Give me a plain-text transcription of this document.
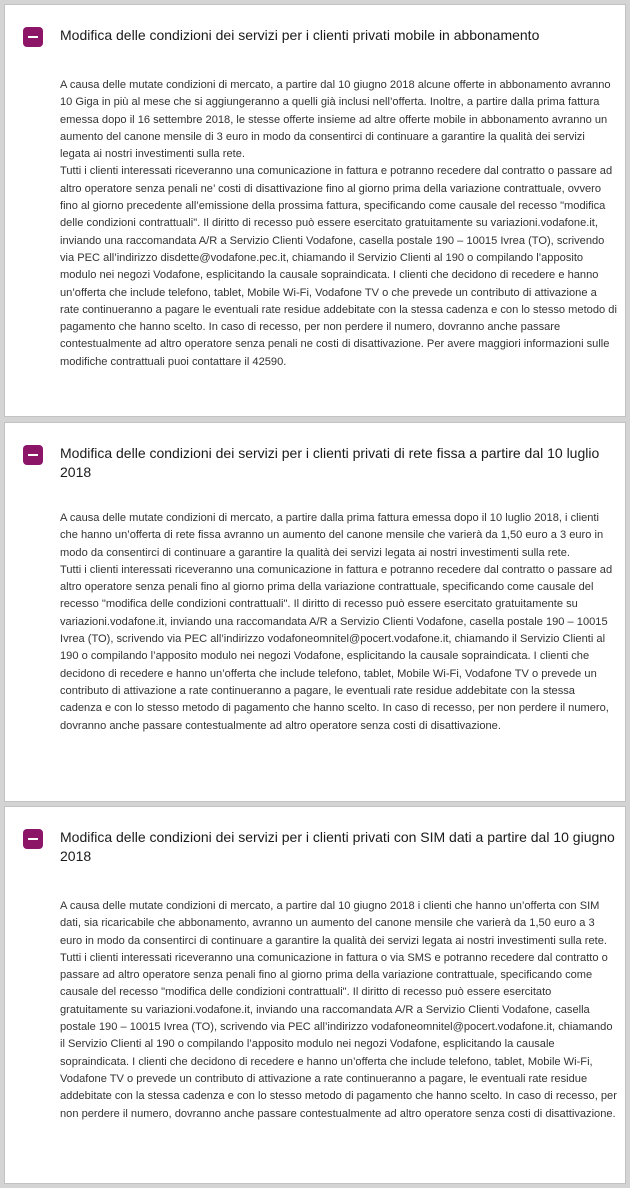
Modifica delle condizioni dei servizi per i clienti privati mobile in abbonamento

A causa delle mutate condizioni di mercato, a partire dal 10 giugno 2018 alcune offerte in abbonamento avranno 10 Giga in più al mese che si aggiungeranno a quelli già inclusi nell’offerta. Inoltre, a partire dalla prima fattura emessa dopo il 16 settembre 2018, le stesse offerte insieme ad altre offerte mobile in abbonamento avranno un aumento del canone mensile di 3 euro in modo da consentirci di continuare a garantire la qualità dei servizi legata ai nostri investimenti sulla rete.

Tutti i clienti interessati riceveranno una comunicazione in fattura e potranno recedere dal contratto o passare ad altro operatore senza penali ne’ costi di disattivazione fino al giorno prima della variazione contrattuale, ovvero fino al giorno precedente all’emissione della prossima fattura, specificando come causale del recesso "modifica delle condizioni contrattuali". Il diritto di recesso può essere esercitato gratuitamente su variazioni.vodafone.it, inviando una raccomandata A/R a Servizio Clienti Vodafone, casella postale 190 – 10015 Ivrea (TO), scrivendo via PEC all’indirizzo disdette@vodafone.pec.it, chiamando il Servizio Clienti al 190 o compilando l’apposito modulo nei negozi Vodafone, esplicitando la causale sopraindicata. I clienti che decidono di recedere e hanno un’offerta che include telefono, tablet, Mobile Wi-Fi, Vodafone TV o che prevede un contributo di attivazione a rate continueranno a pagare le eventuali rate residue addebitate con la stessa cadenza e con lo stesso metodo di pagamento che hanno scelto. In caso di recesso, per non perdere il numero, dovranno anche passare contestualmente ad altro operatore senza penali ne costi di disattivazione. Per avere maggiori informazioni sulle modifiche contrattuali puoi contattare il 42590.

Modifica delle condizioni dei servizi per i clienti privati di rete fissa a partire dal 10 luglio 2018

A causa delle mutate condizioni di mercato, a partire dalla prima fattura emessa dopo il 10 luglio 2018, i clienti che hanno un’offerta di rete fissa avranno un aumento del canone mensile che varierà da 1,50 euro a 3 euro in modo da consentirci di continuare a garantire la qualità dei servizi legata ai nostri investimenti sulla rete.

Tutti i clienti interessati riceveranno una comunicazione in fattura e potranno recedere dal contratto o passare ad altro operatore senza penali fino al giorno prima della variazione contrattuale, specificando come causale del recesso "modifica delle condizioni contrattuali". Il diritto di recesso può essere esercitato gratuitamente su variazioni.vodafone.it, inviando una raccomandata A/R a Servizio Clienti Vodafone, casella postale 190 – 10015 Ivrea (TO), scrivendo via PEC all’indirizzo vodafoneomnitel@pocert.vodafone.it, chiamando il Servizio Clienti al 190 o compilando l’apposito modulo nei negozi Vodafone, esplicitando la causale sopraindicata. I clienti che decidono di recedere e hanno un’offerta che include telefono, tablet, Mobile Wi-Fi, Vodafone TV o prevede un contributo di attivazione a rate continueranno a pagare, le eventuali rate residue addebitate con la stessa cadenza e con lo stesso metodo di pagamento che hanno scelto. In caso di recesso, per non perdere il numero, dovranno anche passare contestualmente ad altro operatore senza costi di disattivazione.

Modifica delle condizioni dei servizi per i clienti privati con SIM dati a partire dal 10 giugno 2018

A causa delle mutate condizioni di mercato, a partire dal 10 giugno 2018 i clienti che hanno un’offerta con SIM dati, sia ricaricabile che abbonamento, avranno un aumento del canone mensile che varierà da 1,50 euro a 3 euro in modo da consentirci di continuare a garantire la qualità dei servizi legata ai nostri investimenti sulla rete.

Tutti i clienti interessati riceveranno una comunicazione in fattura o via SMS e potranno recedere dal contratto o passare ad altro operatore senza penali fino al giorno prima della variazione contrattuale, specificando come causale del recesso "modifica delle condizioni contrattuali". Il diritto di recesso può essere esercitato gratuitamente su variazioni.vodafone.it, inviando una raccomandata A/R a Servizio Clienti Vodafone, casella postale 190 – 10015 Ivrea (TO), scrivendo via PEC all’indirizzo vodafoneomnitel@pocert.vodafone.it, chiamando il Servizio Clienti al 190 o compilando l’apposito modulo nei negozi Vodafone, esplicitando la causale sopraindicata. I clienti che decidono di recedere e hanno un’offerta che include telefono, tablet, Mobile Wi-Fi, Vodafone TV o prevede un contributo di attivazione a rate continueranno a pagare, le eventuali rate residue addebitate con la stessa cadenza e con lo stesso metodo di pagamento che hanno scelto. In caso di recesso, per non perdere il numero, dovranno anche passare contestualmente ad altro operatore senza costi di disattivazione.
